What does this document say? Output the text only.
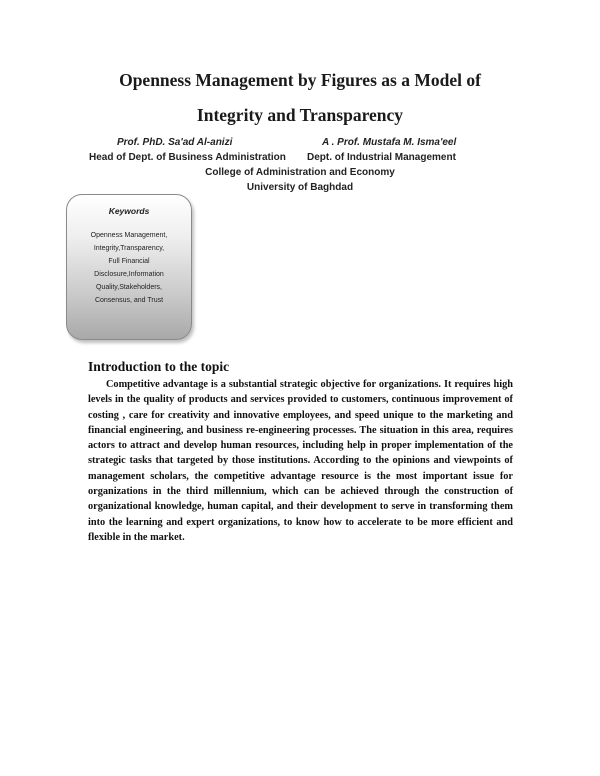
Openness Management by Figures as a Model of
Integrity and Transparency
Prof. PhD. Sa'ad Al-anizi	A . Prof. Mustafa M. Isma'eel
Head of Dept. of Business Administration Dept. of Industrial Management
College of Administration and Economy
University of Baghdad
Keywords
Openness Management,
Integrity,Transparency,
Full Financial
Disclosure,Information
Quality,Stakeholders,
Consensus, and Trust
Introduction to the topic
Competitive advantage is a substantial strategic objective for organizations. It requires high levels in the quality of products and services provided to customers, continuous improvement of costing , care for creativity and innovative employees, and speed unique to the marketing and financial engineering, and business re-engineering processes. The situation in this area, requires actors to attract and develop human resources, including help in proper implementation of the strategic tasks that targeted by those institutions. According to the opinions and viewpoints of management scholars, the competitive advantage resource is the most important issue for organizations in the third millennium, which can be achieved through the construction of organizational knowledge, human capital, and their development to serve in transforming them into the learning and expert organizations, to know how to accelerate to be more efficient and flexible in the market.
